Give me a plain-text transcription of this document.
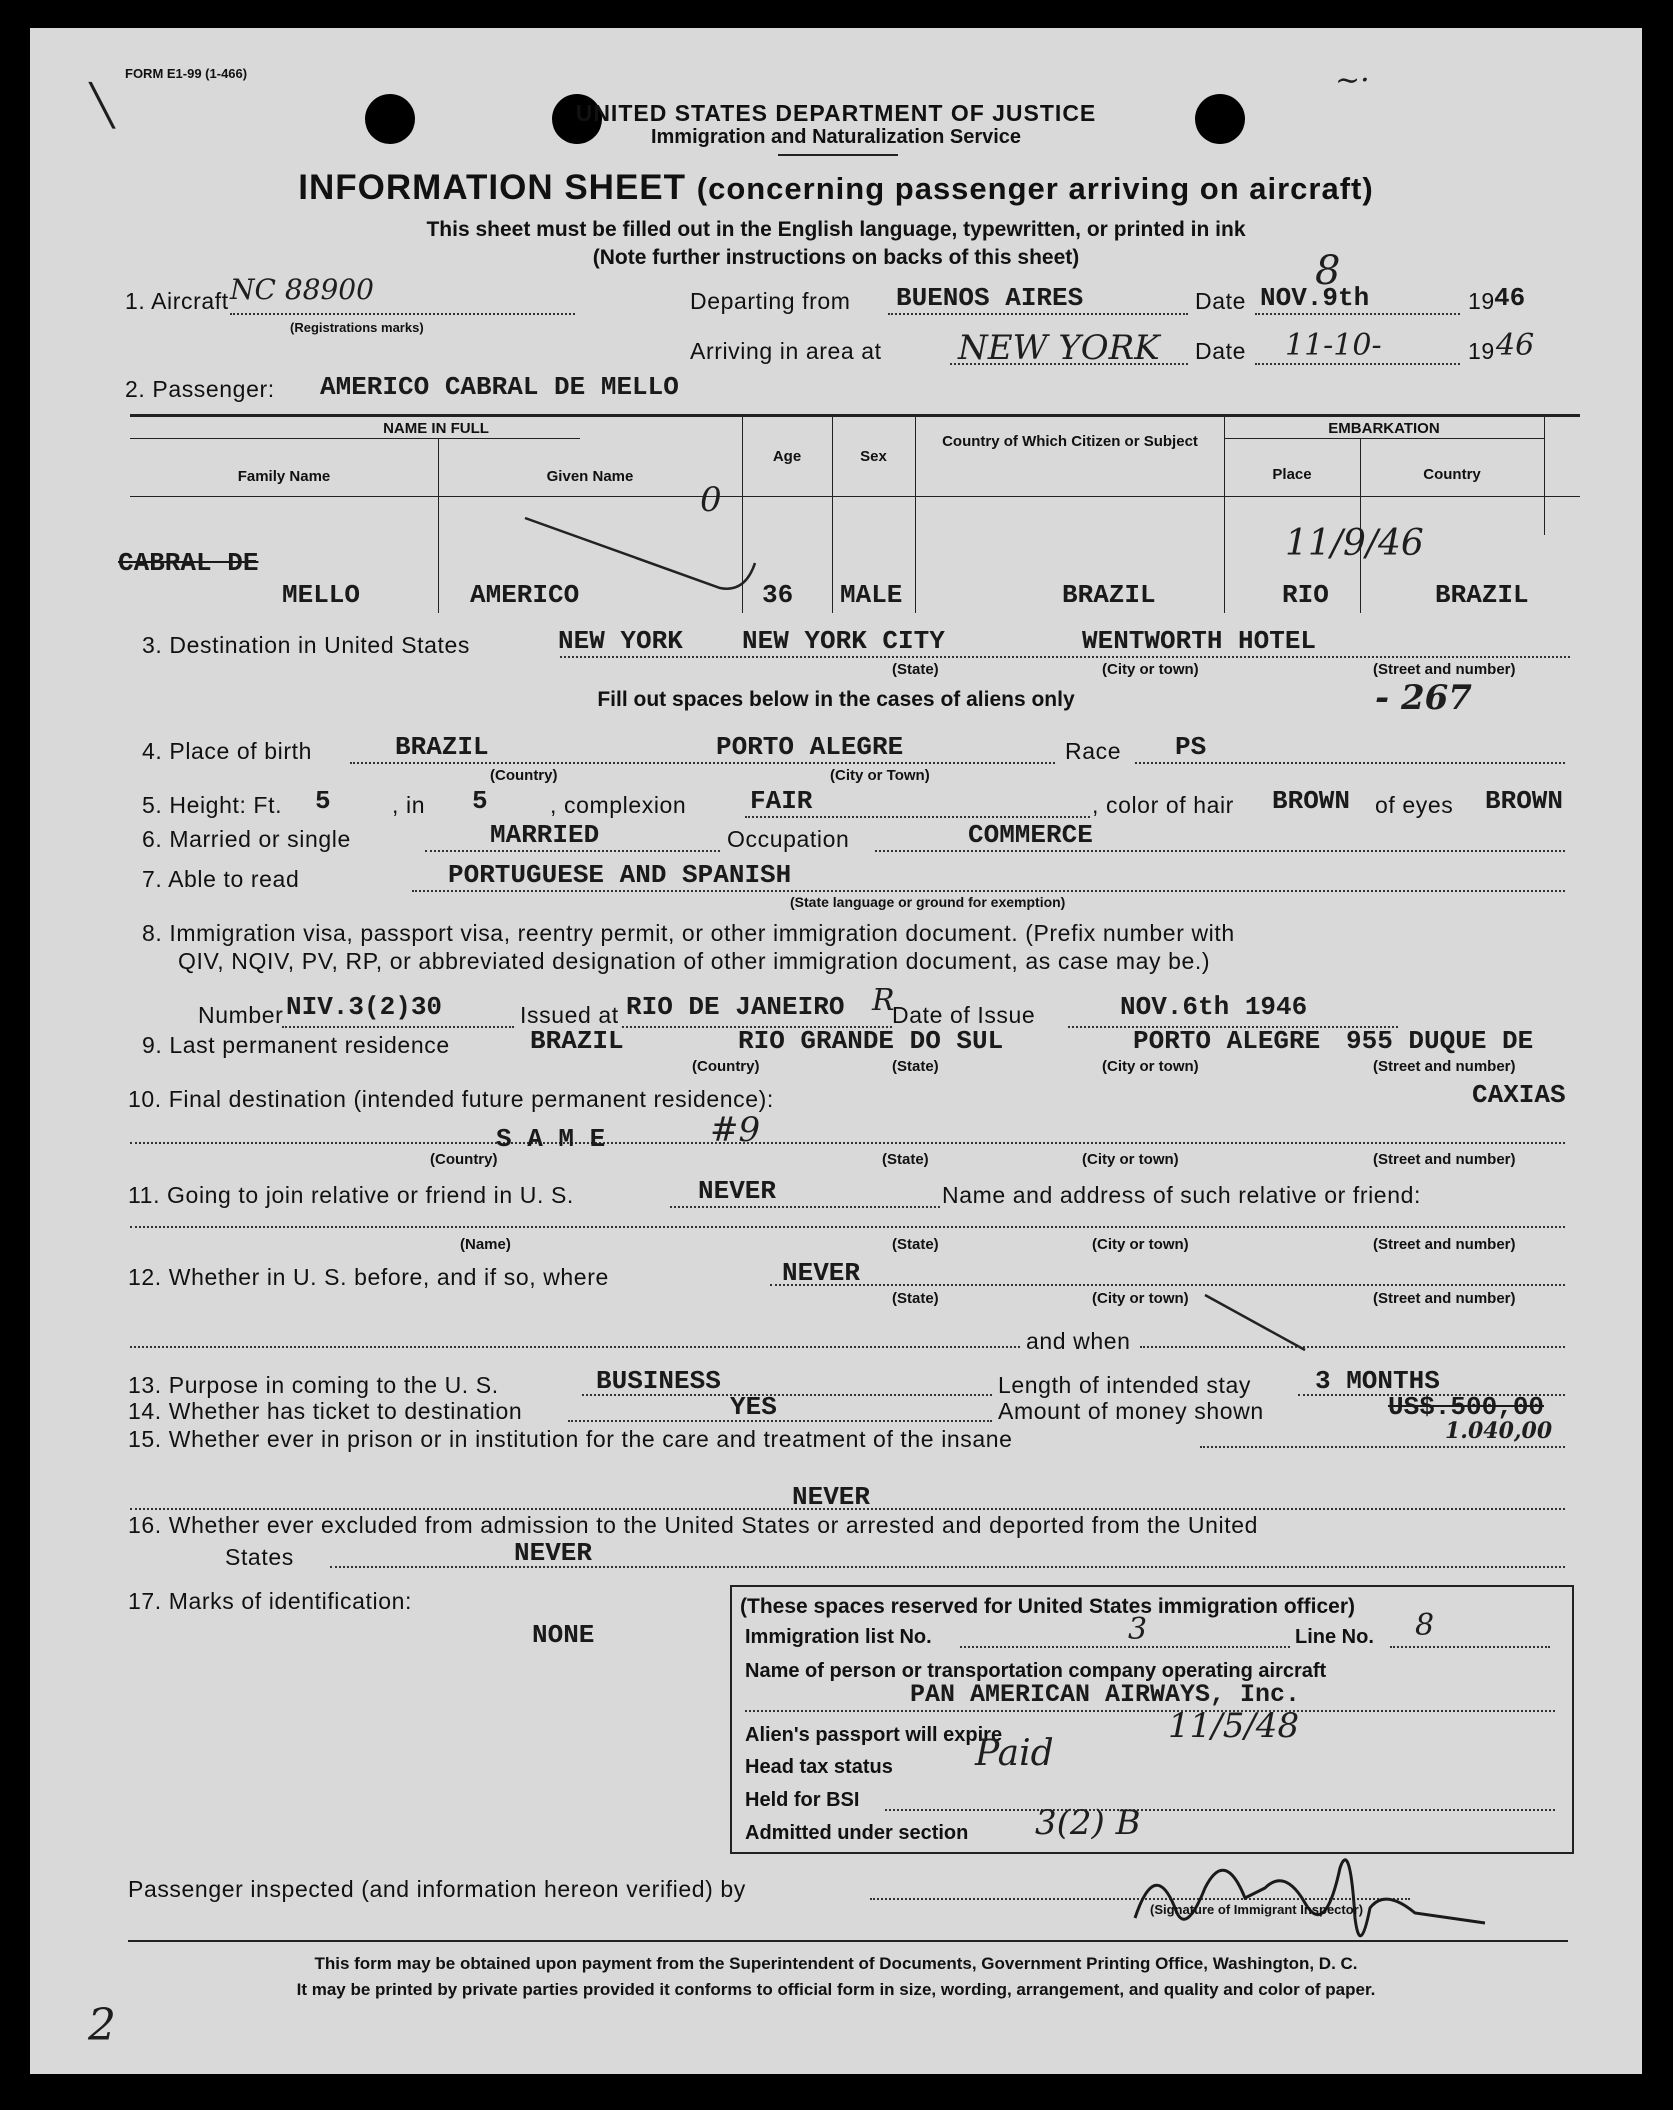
FORM E1-99 (1-466)
╲
∼·
UNITED STATES DEPARTMENT OF JUSTICE
Immigration and Naturalization Service
INFORMATION SHEET (concerning passenger arriving on aircraft)
This sheet must be filled out in the English language, typewritten, or printed in ink
(Note further instructions on backs of this sheet)
1. Aircraft NC 88900
(Registrations marks)
Departing from BUENOS AIRES	Date NOV.9th
8
19 46
Arriving in area at NEW YORK Date 11-10-	19 46
2. Passenger: AMERICO CABRAL DE MELLO
NAME IN FULL
Family Name	Given Name
Age	Sex
Country of Which Citizen or Subject
EMBARKATION
Place	Country
CABRAL DE
MELLO	AMERICO	36 MALE	BRAZIL	RIO	BRAZIL
11/9/46
0
3. Destination in United States	NEW YORK NEW YORK CITY	WENTWORTH HOTEL
(State)	(City or town)	(Street and number)
- 267
Fill out spaces below in the cases of aliens only
4. Place of birth	BRAZIL	PORTO ALEGRE
(Country)	(City or Town)
Race PS
5. Height: Ft. 5	, in 5	, complexion FAIR	, color of hair BROWN of eyes BROWN
6. Married or single	MARRIED	Occupation	COMMERCE
7. Able to read	PORTUGUESE AND SPANISH
(State language or ground for exemption)
8. Immigration visa, passport visa, reentry permit, or other immigration document. (Prefix number with
QIV, NQIV, PV, RP, or abbreviated designation of other immigration document, as case may be.)
Number NIV.3(2)30	Issued at RIO DE JANEIRO R
Date of Issue	NOV.6th 1946
9. Last permanent residence	BRAZIL	RIO GRANDE DO SUL	PORTO ALEGRE 955 DUQUE DE
(Country)	(State)	(City or town)	(Street and number)
10. Final destination (intended future permanent residence):	CAXIAS
S A M E	#9
(Country)	(State)	(City or town)	(Street and number)
11. Going to join relative or friend in U. S.	NEVER	Name and address of such relative or friend:
(Name)	(State)	(City or town)	(Street and number)
12. Whether in U. S. before, and if so, where	NEVER
(State)	(City or town)	(Street and number)
and when
13. Purpose in coming to the U. S.	BUSINESS	Length of intended stay 3 MONTHS
14. Whether has ticket to destination	YES	Amount of money shown	US$.500,00
1.040,00
15. Whether ever in prison or in institution for the care and treatment of the insane
NEVER
16. Whether ever excluded from admission to the United States or arrested and deported from the United
States	NEVER
17. Marks of identification:
NONE
(These spaces reserved for United States immigration officer)
Immigration list No.	3	Line No. 8
Name of person or transportation company operating aircraft
PAN AMERICAN AIRWAYS, Inc.
Alien's passport will expire	11/5/48
Head tax status Paid
Held for BSI
Admitted under section 3(2) B
Passenger inspected (and information hereon verified) by
(Signature of Immigrant Inspector)
This form may be obtained upon payment from the Superintendent of Documents, Government Printing Office, Washington, D. C.
It may be printed by private parties provided it conforms to official form in size, wording, arrangement, and quality and color of paper.
2
